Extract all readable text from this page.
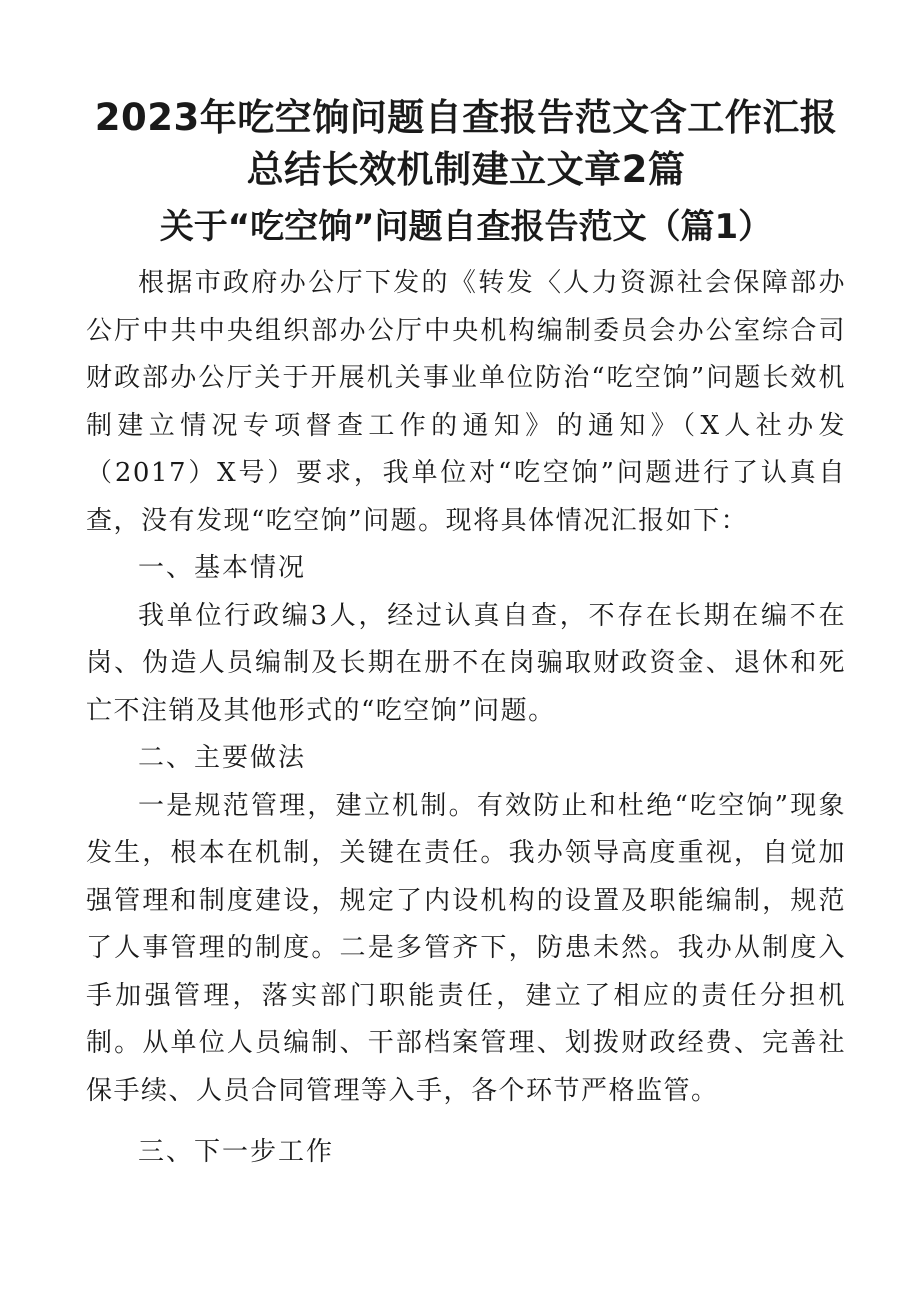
2023年吃空饷问题自查报告范文含工作汇报总结长效机制建立文章2篇
关于“吃空饷”问题自查报告范文（篇1）

根据市政府办公厅下发的《转发〈人力资源社会保障部办公厅中共中央组织部办公厅中央机构编制委员会办公室综合司财政部办公厅关于开展机关事业单位防治“吃空饷”问题长效机制建立情况专项督查工作的通知》的通知》（X人社办发（2017）X号）要求，我单位对“吃空饷”问题进行了认真自查，没有发现“吃空饷”问题。现将具体情况汇报如下：

一、基本情况

我单位行政编3人，经过认真自查，不存在长期在编不在岗、伪造人员编制及长期在册不在岗骗取财政资金、退休和死亡不注销及其他形式的“吃空饷”问题。

二、主要做法

一是规范管理，建立机制。有效防止和杜绝“吃空饷”现象发生，根本在机制，关键在责任。我办领导高度重视，自觉加强管理和制度建设，规定了内设机构的设置及职能编制，规范了人事管理的制度。二是多管齐下，防患未然。我办从制度入手加强管理，落实部门职能责任，建立了相应的责任分担机制。从单位人员编制、干部档案管理、划拨财政经费、完善社保手续、人员合同管理等入手，各个环节严格监管。

三、下一步工作
